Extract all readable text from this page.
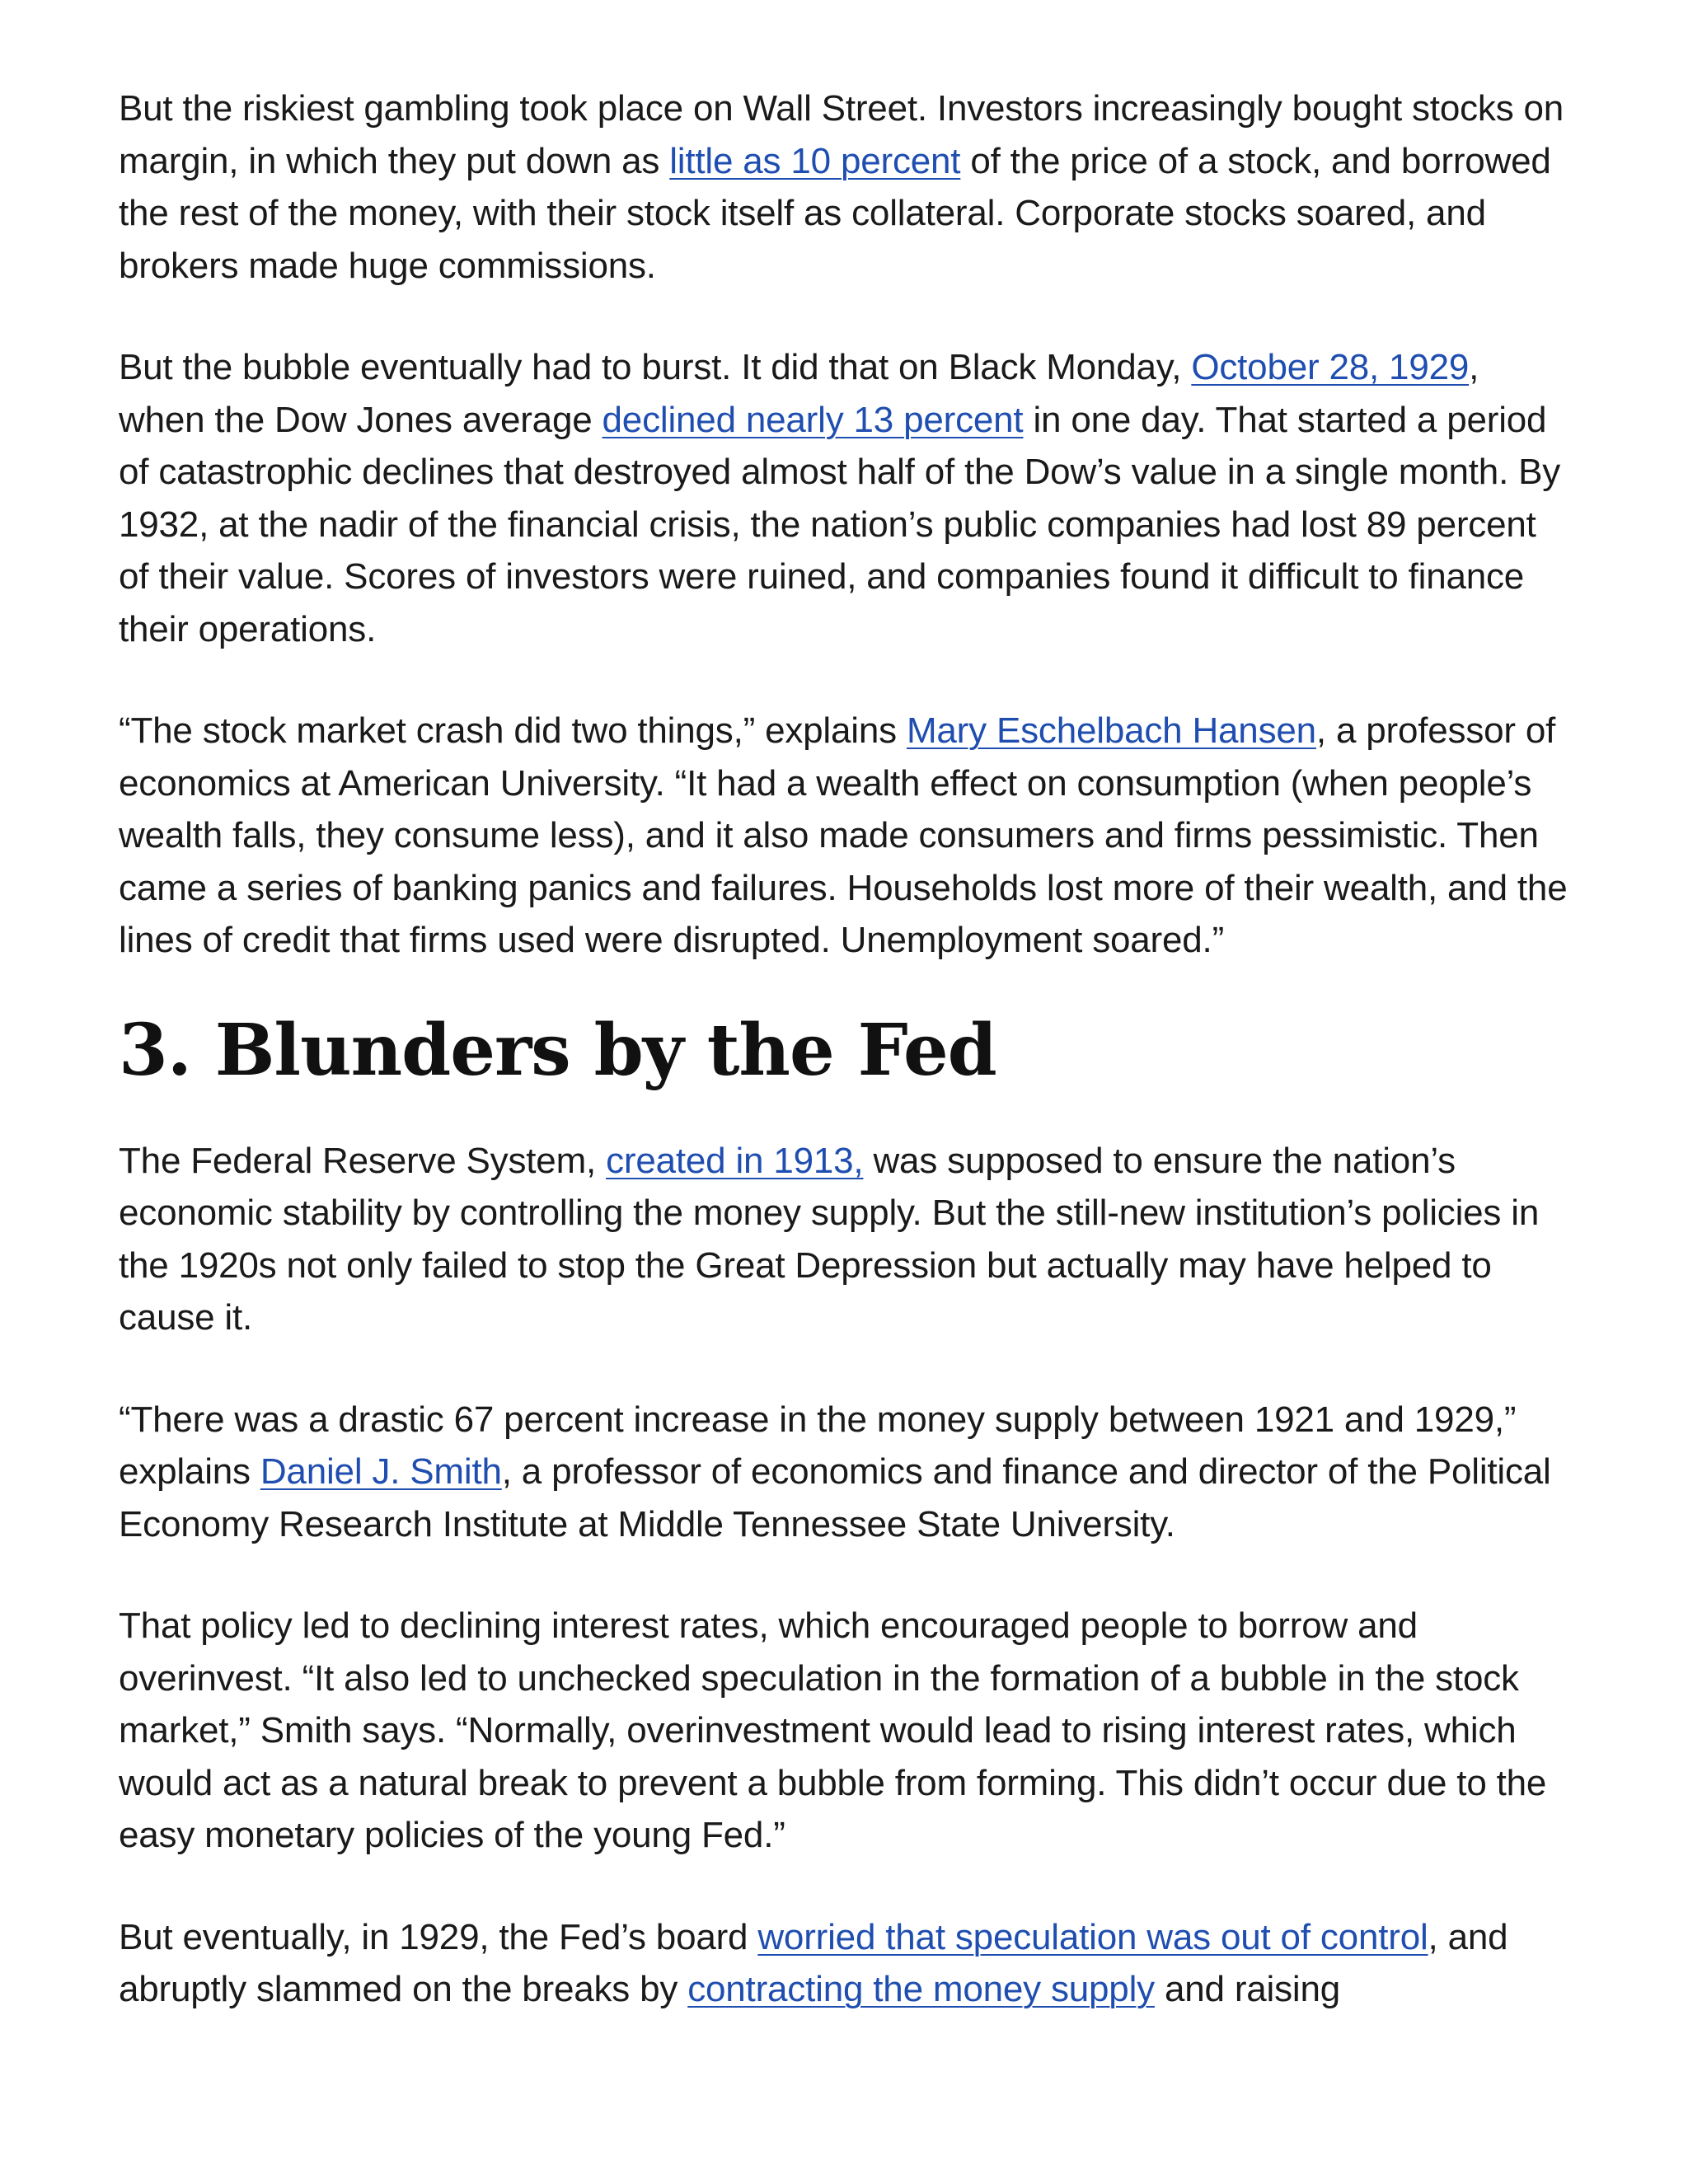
But the riskiest gambling took place on Wall Street. Investors increasingly bought stocks on margin, in which they put down as little as 10 percent of the price of a stock, and borrowed the rest of the money, with their stock itself as collateral. Corporate stocks soared, and brokers made huge commissions.

But the bubble eventually had to burst. It did that on Black Monday, October 28, 1929, when the Dow Jones average declined nearly 13 percent in one day. That started a period of catastrophic declines that destroyed almost half of the Dow’s value in a single month. By 1932, at the nadir of the financial crisis, the nation’s public companies had lost 89 percent of their value. Scores of investors were ruined, and companies found it difficult to finance their operations.

“The stock market crash did two things,” explains Mary Eschelbach Hansen, a professor of economics at American University. “It had a wealth effect on consumption (when people’s wealth falls, they consume less), and it also made consumers and firms pessimistic. Then came a series of banking panics and failures. Households lost more of their wealth, and the lines of credit that firms used were disrupted. Unemployment soared.”

3. Blunders by the Fed

The Federal Reserve System, created in 1913, was supposed to ensure the nation’s economic stability by controlling the money supply. But the still-new institution’s policies in the 1920s not only failed to stop the Great Depression but actually may have helped to cause it.

“There was a drastic 67 percent increase in the money supply between 1921 and 1929,” explains Daniel J. Smith, a professor of economics and finance and director of the Political Economy Research Institute at Middle Tennessee State University.

That policy led to declining interest rates, which encouraged people to borrow and overinvest. “It also led to unchecked speculation in the formation of a bubble in the stock market,” Smith says. “Normally, overinvestment would lead to rising interest rates, which would act as a natural break to prevent a bubble from forming. This didn’t occur due to the easy monetary policies of the young Fed.”

But eventually, in 1929, the Fed’s board worried that speculation was out of control, and abruptly slammed on the breaks by contracting the money supply and raising
